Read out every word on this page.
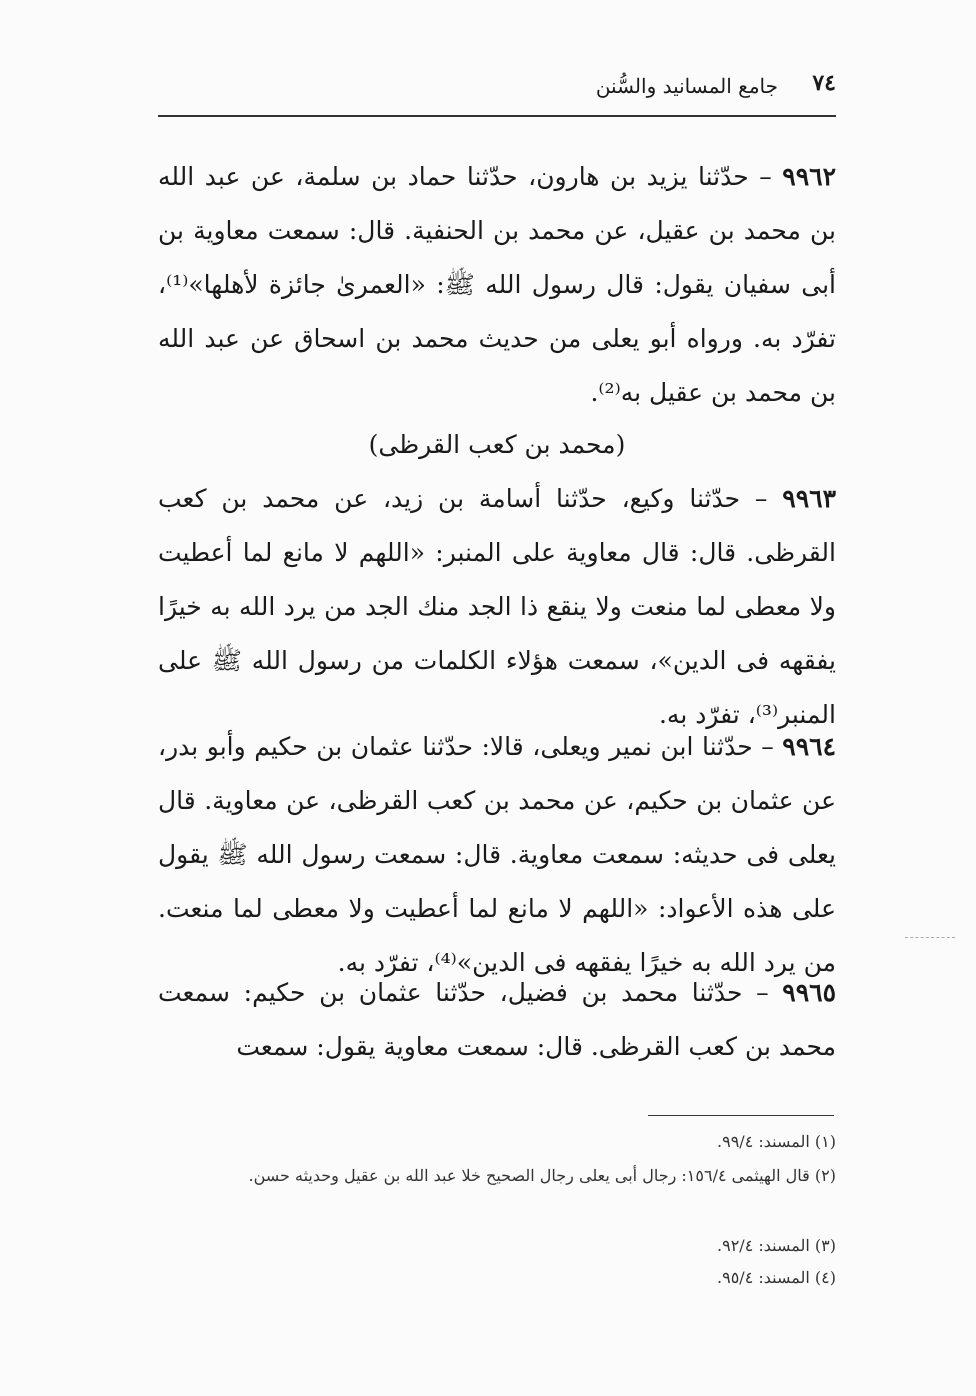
٧٤
جامع المسانيد والسُّنن
٩٩٦٢ – حدّثنا يزيد بن هارون، حدّثنا حماد بن سلمة، عن عبد الله بن محمد بن عقيل، عن محمد بن الحنفية. قال: سمعت معاوية بن أبى سفيان يقول: قال رسول الله ﷺ: «العمرىٰ جائزة لأهلها»⁽¹⁾، تفرّد به. ورواه أبو يعلى من حديث محمد بن اسحاق عن عبد الله بن محمد بن عقيل به⁽²⁾.
(محمد بن كعب القرظى)
٩٩٦٣ – حدّثنا وكيع، حدّثنا أسامة بن زيد، عن محمد بن كعب القرظى. قال: قال معاوية على المنبر: «اللهم لا مانع لما أعطيت ولا معطى لما منعت ولا ينقع ذا الجد منك الجد من يرد الله به خيرًا يفقهه فى الدين»، سمعت هؤلاء الكلمات من رسول الله ﷺ على المنبر⁽³⁾، تفرّد به.
٩٩٦٤ – حدّثنا ابن نمير ويعلى، قالا: حدّثنا عثمان بن حكيم وأبو بدر، عن عثمان بن حكيم، عن محمد بن كعب القرظى، عن معاوية. قال يعلى فى حديثه: سمعت معاوية. قال: سمعت رسول الله ﷺ يقول على هذه الأعواد: «اللهم لا مانع لما أعطيت ولا معطى لما منعت. من يرد الله به خيرًا يفقهه فى الدين»⁽⁴⁾، تفرّد به.
٩٩٦٥ – حدّثنا محمد بن فضيل، حدّثنا عثمان بن حكيم: سمعت محمد بن كعب القرظى. قال: سمعت معاوية يقول: سمعت
(١) المسند: ٩٩/٤.
(٢) قال الهيثمى ١٥٦/٤: رجال أبى يعلى رجال الصحيح خلا عبد الله بن عقيل وحديثه حسن.
(٣) المسند: ٩٢/٤.
(٤) المسند: ٩٥/٤.
